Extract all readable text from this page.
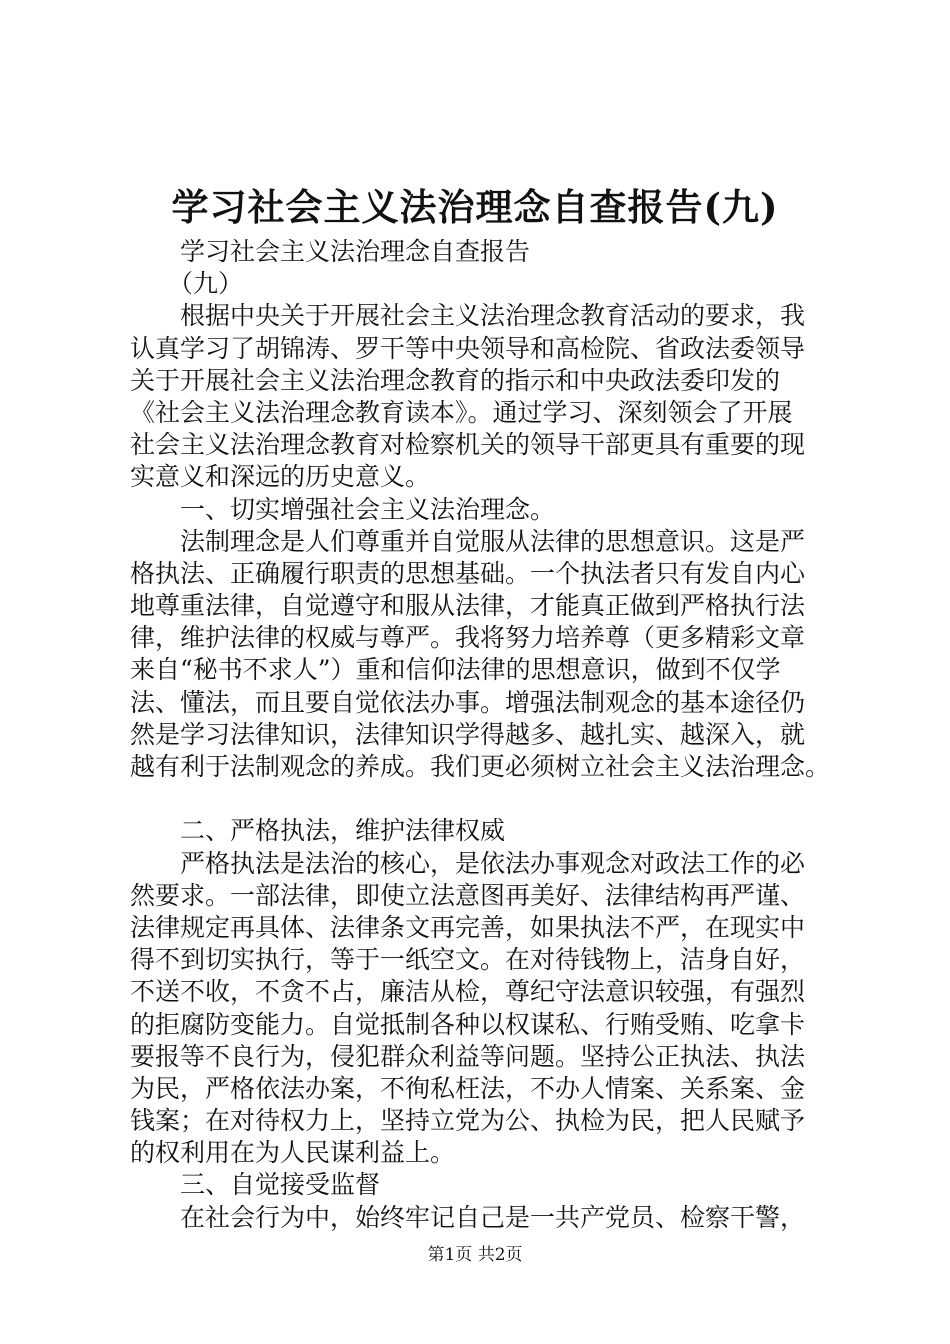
学习社会主义法治理念自查报告(九)
学习社会主义法治理念自查报告
（九）
根据中央关于开展社会主义法治理念教育活动的要求，我
认真学习了胡锦涛、罗干等中央领导和高检院、省政法委领导
关于开展社会主义法治理念教育的指示和中央政法委印发的
《社会主义法治理念教育读本》。通过学习、深刻领会了开展
社会主义法治理念教育对检察机关的领导干部更具有重要的现
实意义和深远的历史意义。
一、切实增强社会主义法治理念。
法制理念是人们尊重并自觉服从法律的思想意识。这是严
格执法、正确履行职责的思想基础。一个执法者只有发自内心
地尊重法律，自觉遵守和服从法律，才能真正做到严格执行法
律，维护法律的权威与尊严。我将努力培养尊（更多精彩文章
来自“秘书不求人”）重和信仰法律的思想意识，做到不仅学
法、懂法，而且要自觉依法办事。增强法制观念的基本途径仍
然是学习法律知识，法律知识学得越多、越扎实、越深入，就
越有利于法制观念的养成。我们更必须树立社会主义法治理念。
二、严格执法，维护法律权威
严格执法是法治的核心，是依法办事观念对政法工作的必
然要求。一部法律，即使立法意图再美好、法律结构再严谨、
法律规定再具体、法律条文再完善，如果执法不严，在现实中
得不到切实执行，等于一纸空文。在对待钱物上，洁身自好，
不送不收，不贪不占，廉洁从检，尊纪守法意识较强，有强烈
的拒腐防变能力。自觉抵制各种以权谋私、行贿受贿、吃拿卡
要报等不良行为，侵犯群众利益等问题。坚持公正执法、执法
为民，严格依法办案，不徇私枉法，不办人情案、关系案、金
钱案；在对待权力上，坚持立党为公、执检为民，把人民赋予
的权利用在为人民谋利益上。
三、自觉接受监督
在社会行为中，始终牢记自己是一共产党员、检察干警，
第1页 共2页
